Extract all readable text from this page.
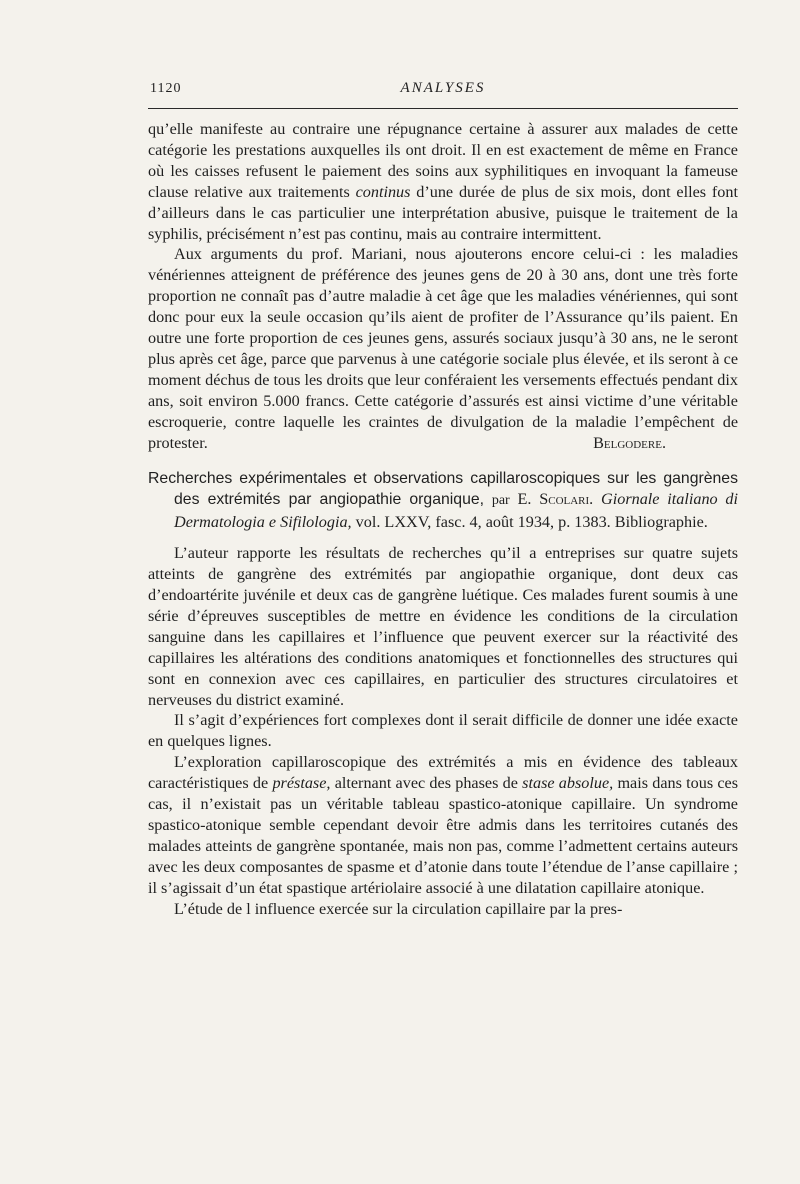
1120	ANALYSES

qu’elle manifeste au contraire une répugnance certaine à assurer aux malades de cette catégorie les prestations auxquelles ils ont droit. Il en est exactement de même en France où les caisses refusent le paiement des soins aux syphilitiques en invoquant la fameuse clause relative aux traitements continus d’une durée de plus de six mois, dont elles font d’ailleurs dans le cas particulier une interprétation abusive, puisque le traitement de la syphilis, précisément n’est pas continu, mais au contraire intermittent.

Aux arguments du prof. Mariani, nous ajouterons encore celui-ci : les maladies vénériennes atteignent de préférence des jeunes gens de 20 à 30 ans, dont une très forte proportion ne connaît pas d’autre maladie à cet âge que les maladies vénériennes, qui sont donc pour eux la seule occasion qu’ils aient de profiter de l’Assurance qu’ils paient. En outre une forte proportion de ces jeunes gens, assurés sociaux jusqu’à 30 ans, ne le seront plus après cet âge, parce que parvenus à une catégorie sociale plus élevée, et ils seront à ce moment déchus de tous les droits que leur conféraient les versements effectués pendant dix ans, soit environ 5.000 francs. Cette catégorie d’assurés est ainsi victime d’une véritable escroquerie, contre laquelle les craintes de divulgation de la maladie l’empêchent de protester.	Belgodere.

Recherches expérimentales et observations capillaroscopiques sur les gangrènes des extrémités par angiopathie organique, par E. Scolari. Giornale italiano di Dermatologia e Sifilologia, vol. LXXV, fasc. 4, août 1934, p. 1383. Bibliographie.

L’auteur rapporte les résultats de recherches qu’il a entreprises sur quatre sujets atteints de gangrène des extrémités par angiopathie organique, dont deux cas d’endoartérite juvénile et deux cas de gangrène luétique. Ces malades furent soumis à une série d’épreuves susceptibles de mettre en évidence les conditions de la circulation sanguine dans les capillaires et l’influence que peuvent exercer sur la réactivité des capillaires les altérations des conditions anatomiques et fonctionnelles des structures qui sont en connexion avec ces capillaires, en particulier des structures circulatoires et nerveuses du district examiné.

Il s’agit d’expériences fort complexes dont il serait difficile de donner une idée exacte en quelques lignes.

L’exploration capillaroscopique des extrémités a mis en évidence des tableaux caractéristiques de préstase, alternant avec des phases de stase absolue, mais dans tous ces cas, il n’existait pas un véritable tableau spastico-atonique capillaire. Un syndrome spastico-atonique semble cependant devoir être admis dans les territoires cutanés des malades atteints de gangrène spontanée, mais non pas, comme l’admettent certains auteurs avec les deux composantes de spasme et d’atonie dans toute l’étendue de l’anse capillaire ; il s’agissait d’un état spastique artériolaire associé à une dilatation capillaire atonique.

L’étude de l influence exercée sur la circulation capillaire par la pres-
